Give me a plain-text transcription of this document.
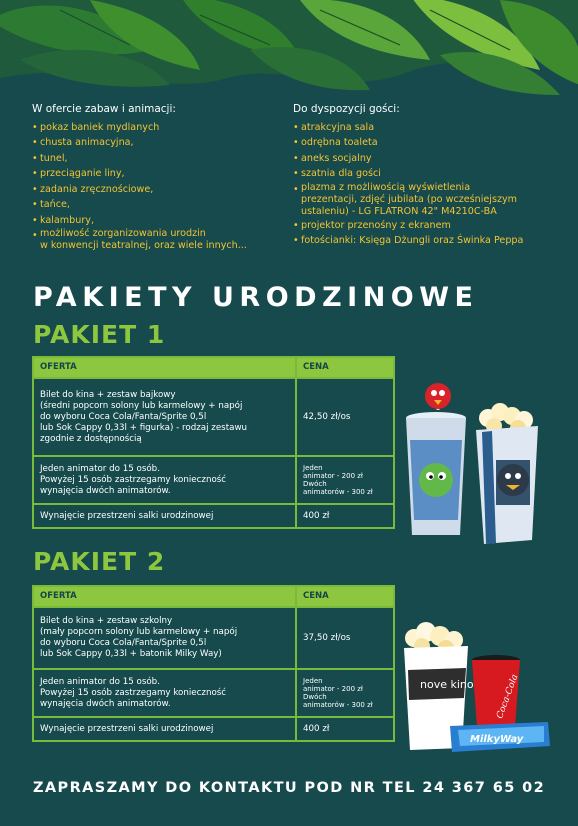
W ofercie zabaw i animacji:
• pokaz baniek mydlanych
• chusta animacyjna,
• tunel,
• przeciąganie liny,
• zadania zręcznościowe,
• tańce,
• kalambury,
• możliwość zorganizowania urodzin
w konwencji teatralnej, oraz wiele innych...
Do dyspozycji gości:
• atrakcyjna sala
• odrębna toaleta
• aneks socjalny
• szatnia dla gości
• plazma z możliwością wyświetlenia
prezentacji, zdjęć jubilata (po wcześniejszym
ustaleniu) - LG FLATRON 42" M4210C-BA
• projektor przenośny z ekranem
• fotościanki: Księga Dżungli oraz Świnka Peppa
PAKIETY URODZINOWE
PAKIET 1
OFERTA	CENA

Bilet do kina + zestaw bajkowy
(średni popcorn solony lub karmelowy + napój
do wyboru Coca Cola/Fanta/Sprite 0,5l
lub Sok Cappy 0,33l + figurka) - rodzaj zestawu
zgodnie z dostępnością	42,50 zł/os

Jeden animator do 15 osób.
Powyżej 15 osób zastrzegamy konieczność
wynajęcia dwóch animatorów.	Jeden
animator - 200 zł
Dwóch
animatorów - 300 zł

Wynajęcie przestrzeni salki urodzinowej	400 zł
PAKIET 2
OFERTA	CENA

Bilet do kina + zestaw szkolny
(mały popcorn solony lub karmelowy + napój
do wyboru Coca Cola/Fanta/Sprite 0,5l
lub Sok Cappy 0,33l + batonik Milky Way)	37,50 zł/os

Jeden animator do 15 osób.
Powyżej 15 osób zastrzegamy konieczność
wynajęcia dwóch animatorów.	Jeden
animator - 200 zł
Dwóch
animatorów - 300 zł

Wynajęcie przestrzeni salki urodzinowej	400 zł
nove kino Coca-Cola
MilkyWay

ZAPRASZAMY DO KONTAKTU POD NR TEL 24 367 65 02
